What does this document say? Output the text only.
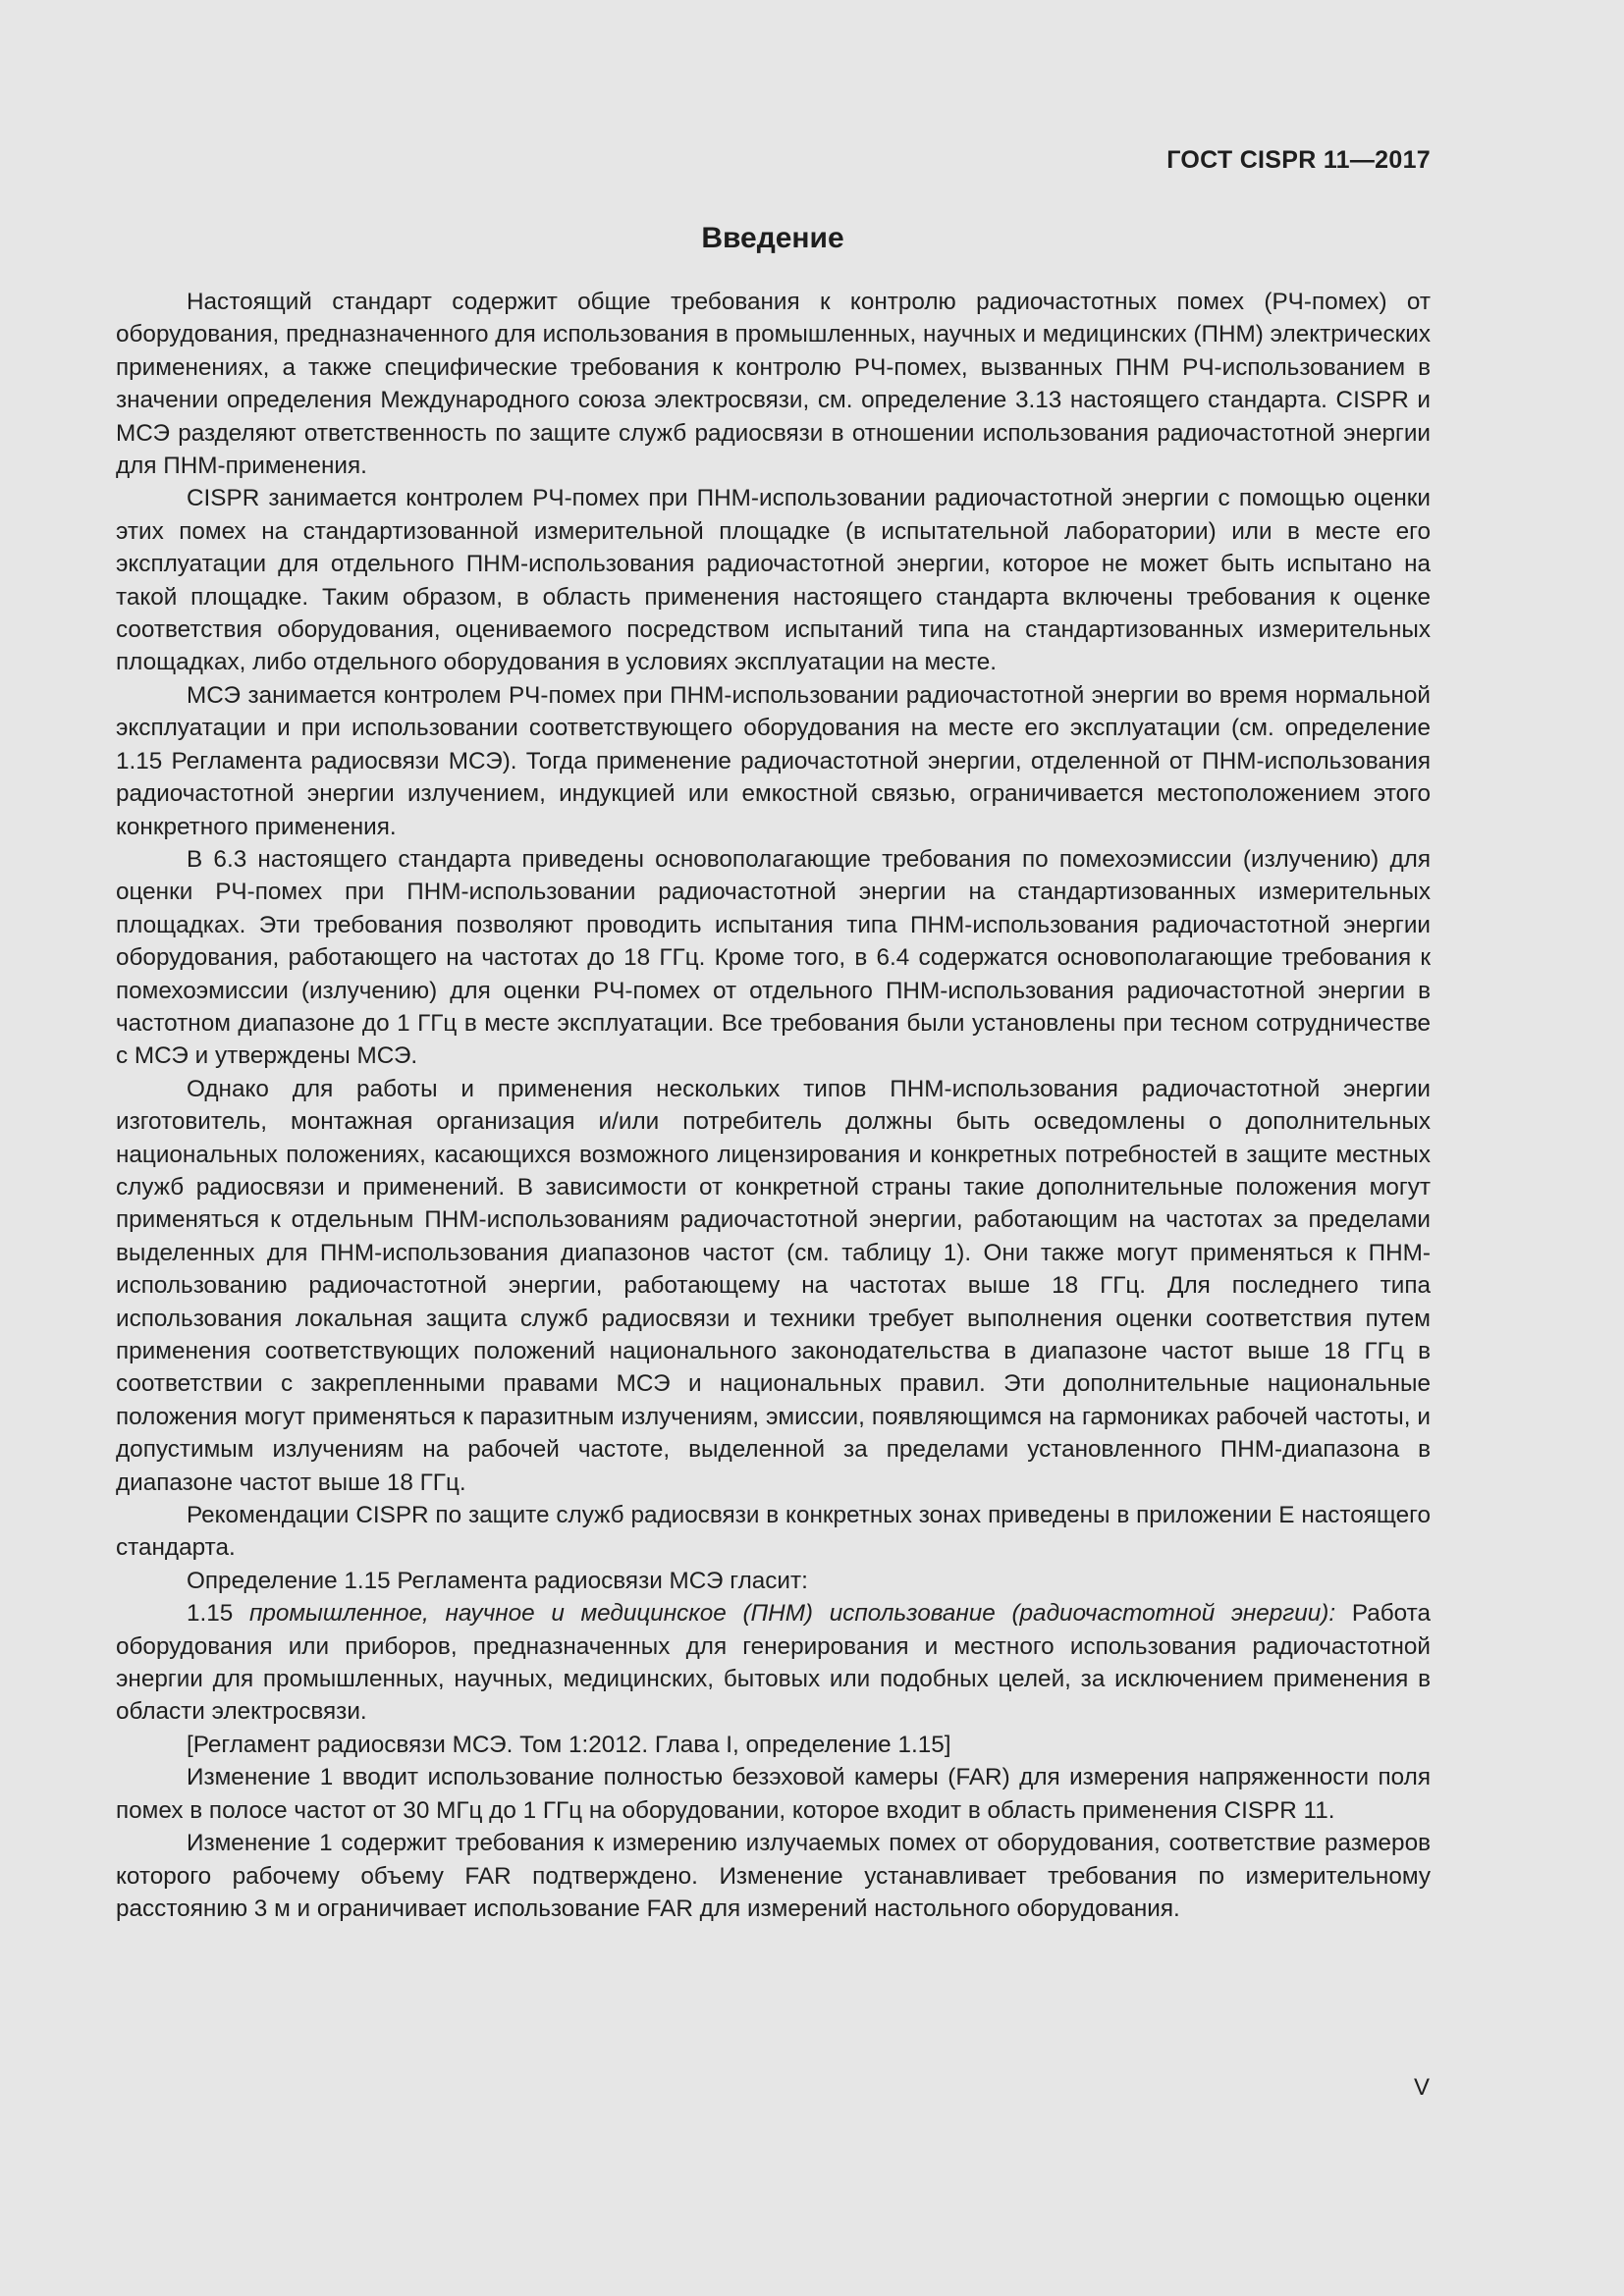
ГОСТ CISPR 11—2017
Введение

Настоящий стандарт содержит общие требования к контролю радиочастотных помех (РЧ-помех) от оборудования, предназначенного для использования в промышленных, научных и медицинских (ПНМ) электрических применениях, а также специфические требования к контролю РЧ-помех, вызванных ПНМ РЧ-использованием в значении определения Международного союза электросвязи, см. определение 3.13 настоящего стандарта. CISPR и МСЭ разделяют ответственность по защите служб радиосвязи в отношении использования радиочастотной энергии для ПНМ-применения.

CISPR занимается контролем РЧ-помех при ПНМ-использовании радиочастотной энергии с помощью оценки этих помех на стандартизованной измерительной площадке (в испытательной лаборатории) или в месте его эксплуатации для отдельного ПНМ-использования радиочастотной энергии, которое не может быть испытано на такой площадке. Таким образом, в область применения настоящего стандарта включены требования к оценке соответствия оборудования, оцениваемого посредством испытаний типа на стандартизованных измерительных площадках, либо отдельного оборудования в условиях эксплуатации на месте.

МСЭ занимается контролем РЧ-помех при ПНМ-использовании радиочастотной энергии во время нормальной эксплуатации и при использовании соответствующего оборудования на месте его эксплуатации (см. определение 1.15 Регламента радиосвязи МСЭ). Тогда применение радиочастотной энергии, отделенной от ПНМ-использования радиочастотной энергии излучением, индукцией или емкостной связью, ограничивается местоположением этого конкретного применения.

В 6.3 настоящего стандарта приведены основополагающие требования по помехоэмиссии (излучению) для оценки РЧ-помех при ПНМ-использовании радиочастотной энергии на стандартизованных измерительных площадках. Эти требования позволяют проводить испытания типа ПНМ-использования радиочастотной энергии оборудования, работающего на частотах до 18 ГГц. Кроме того, в 6.4 содержатся основополагающие требования к помехоэмиссии (излучению) для оценки РЧ-помех от отдельного ПНМ-использования радиочастотной энергии в частотном диапазоне до 1 ГГц в месте эксплуатации. Все требования были установлены при тесном сотрудничестве с МСЭ и утверждены МСЭ.

Однако для работы и применения нескольких типов ПНМ-использования радиочастотной энергии изготовитель, монтажная организация и/или потребитель должны быть осведомлены о дополнительных национальных положениях, касающихся возможного лицензирования и конкретных потребностей в защите местных служб радиосвязи и применений. В зависимости от конкретной страны такие дополнительные положения могут применяться к отдельным ПНМ-использованиям радиочастотной энергии, работающим на частотах за пределами выделенных для ПНМ-использования диапазонов частот (см. таблицу 1). Они также могут применяться к ПНМ-использованию радиочастотной энергии, работающему на частотах выше 18 ГГц. Для последнего типа использования локальная защита служб радиосвязи и техники требует выполнения оценки соответствия путем применения соответствующих положений национального законодательства в диапазоне частот выше 18 ГГц в соответствии с закрепленными правами МСЭ и национальных правил. Эти дополнительные национальные положения могут применяться к паразитным излучениям, эмиссии, появляющимся на гармониках рабочей частоты, и допустимым излучениям на рабочей частоте, выделенной за пределами установленного ПНМ-диапазона в диапазоне частот выше 18 ГГц.

Рекомендации CISPR по защите служб радиосвязи в конкретных зонах приведены в приложении Е настоящего стандарта.

Определение 1.15 Регламента радиосвязи МСЭ гласит:

1.15 промышленное, научное и медицинское (ПНМ) использование (радиочастотной энергии): Работа оборудования или приборов, предназначенных для генерирования и местного использования радиочастотной энергии для промышленных, научных, медицинских, бытовых или подобных целей, за исключением применения в области электросвязи.

[Регламент радиосвязи МСЭ. Том 1:2012. Глава I, определение 1.15]

Изменение 1 вводит использование полностью безэховой камеры (FAR) для измерения напряженности поля помех в полосе частот от 30 МГц до 1 ГГц на оборудовании, которое входит в область применения CISPR 11.

Изменение 1 содержит требования к измерению излучаемых помех от оборудования, соответствие размеров которого рабочему объему FAR подтверждено. Изменение устанавливает требования по измерительному расстоянию 3 м и ограничивает использование FAR для измерений настольного оборудования.

V
